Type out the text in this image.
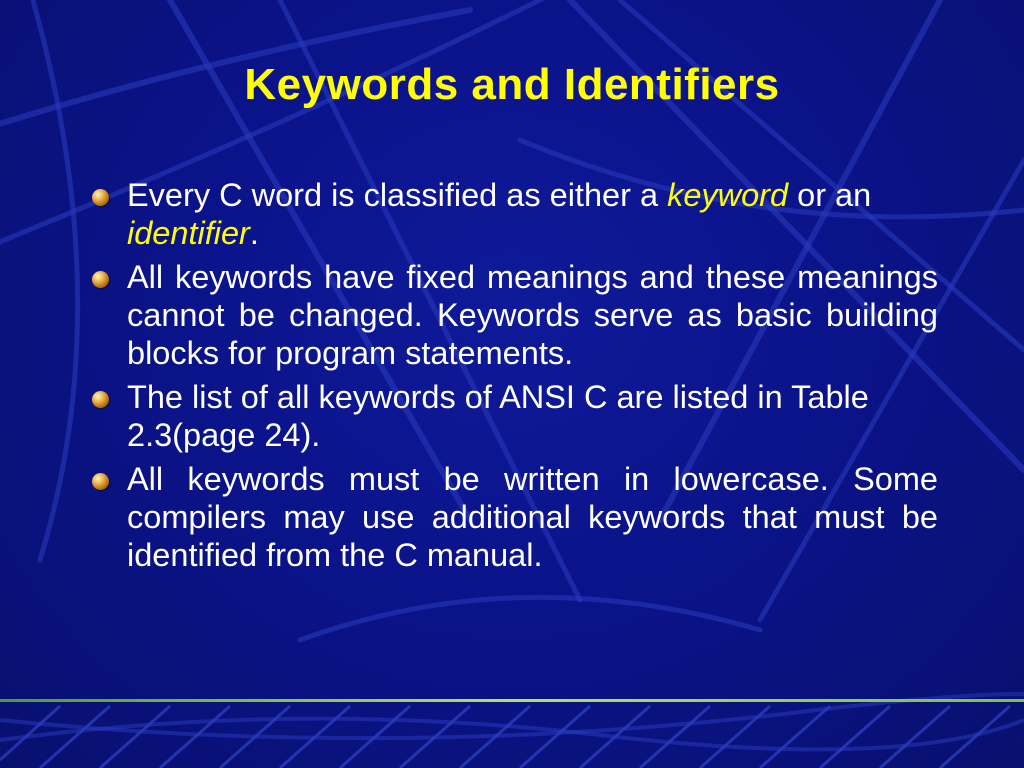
Keywords and Identifiers
Every C word is classified as either a keyword or an identifier.
All keywords have fixed meanings and these meanings cannot be changed. Keywords serve as basic building blocks for program statements.
The list of all keywords of ANSI C are listed in Table 2.3(page 24).
All keywords must be written in lowercase. Some compilers may use additional keywords that must be identified from the C manual.
